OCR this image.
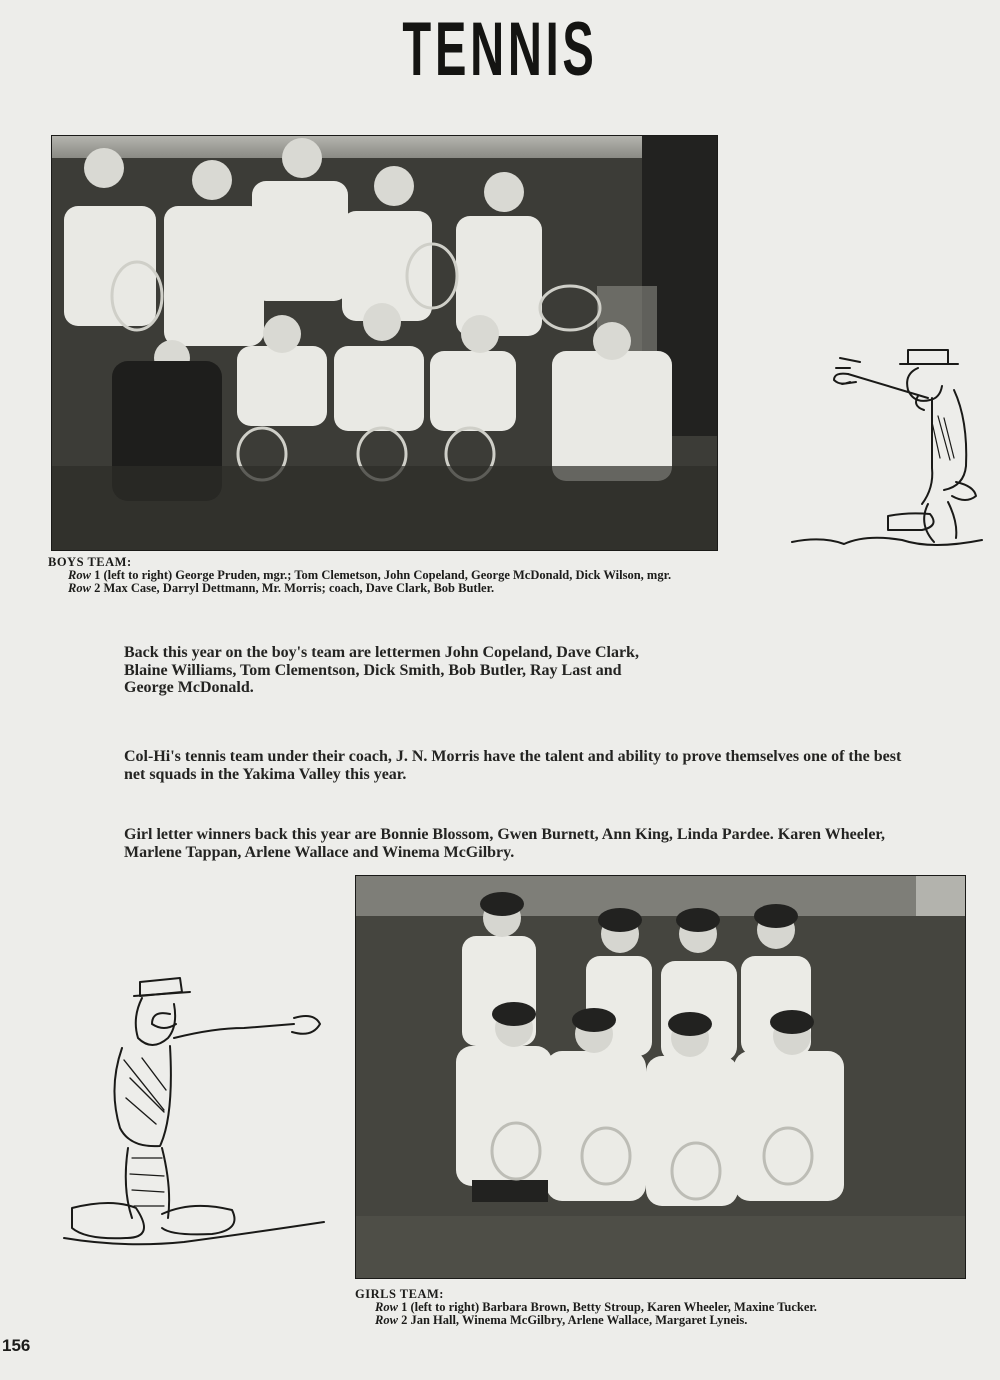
TENNIS
BOYS TEAM:
Row 1 (left to right) George Pruden, mgr.; Tom Clemetson, John Copeland, George McDonald, Dick Wilson, mgr.
Row 2 Max Case, Darryl Dettmann, Mr. Morris; coach, Dave Clark, Bob Butler.

Back this year on the boy's team are lettermen John Copeland, Dave Clark, Blaine Williams, Tom Clementson, Dick Smith, Bob Butler, Ray Last and George McDonald.

Col-Hi's tennis team under their coach, J. N. Morris have the talent and ability to prove themselves one of the best net squads in the Yakima Valley this year.

Girl letter winners back this year are Bonnie Blossom, Gwen Burnett, Ann King, Linda Pardee. Karen Wheeler, Marlene Tappan, Arlene Wallace and Winema McGilbry.

GIRLS TEAM:
Row 1 (left to right) Barbara Brown, Betty Stroup, Karen Wheeler, Maxine Tucker.
Row 2 Jan Hall, Winema McGilbry, Arlene Wallace, Margaret Lyneis.
156
